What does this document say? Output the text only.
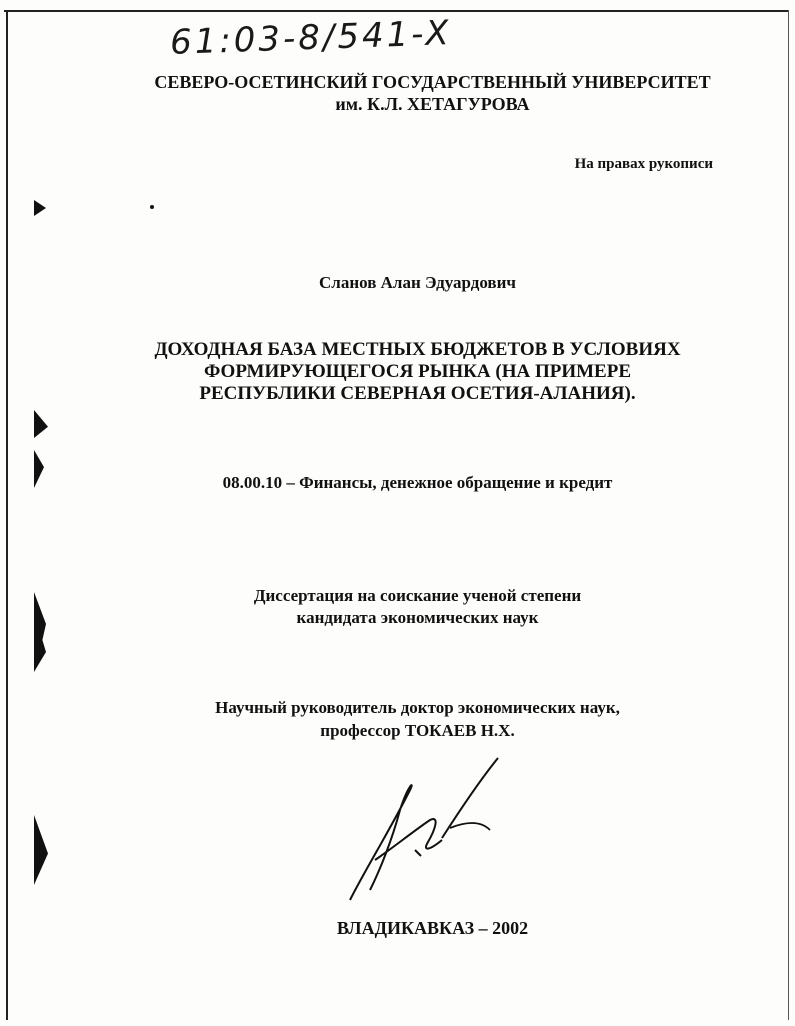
61:03-8/541-X
СЕВЕРО-ОСЕТИНСКИЙ ГОСУДАРСТВЕННЫЙ УНИВЕРСИТЕТ
им. К.Л. ХЕТАГУРОВА
На правах рукописи
Сланов Алан Эдуардович
ДОХОДНАЯ БАЗА МЕСТНЫХ БЮДЖЕТОВ В УСЛОВИЯХ
ФОРМИРУЮЩЕГОСЯ РЫНКА (НА ПРИМЕРЕ
РЕСПУБЛИКИ СЕВЕРНАЯ ОСЕТИЯ-АЛАНИЯ).
08.00.10 – Финансы, денежное обращение и кредит
Диссертация на соискание ученой степени
кандидата экономических наук
Научный руководитель доктор экономических наук,
профессор ТОКАЕВ Н.Х.
ВЛАДИКАВКАЗ – 2002
